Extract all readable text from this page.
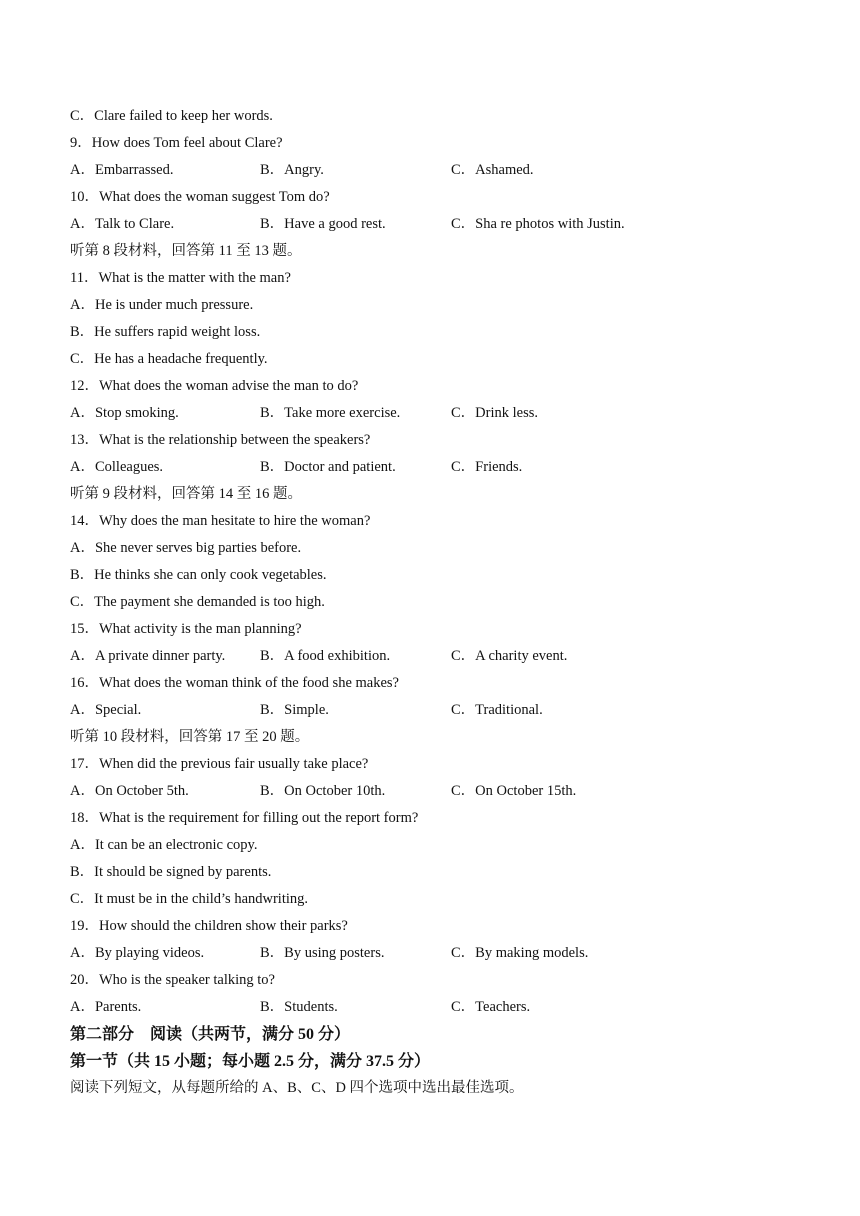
C．Clare failed to keep her words.
9．How does Tom feel about Clare?
A．Embarrassed.	B．Angry.	C．Ashamed.
10．What does the woman suggest Tom do?
A．Talk to Clare.	B．Have a good rest.	C．Sha re photos with Justin.
听第 8 段材料，回答第 11 至 13 题。
11．What is the matter with the man?
A．He is under much pressure.
B．He suffers rapid weight loss.
C．He has a headache frequently.
12．What does the woman advise the man to do?
A．Stop smoking.	B．Take more exercise.	C．Drink less.
13．What is the relationship between the speakers?
A．Colleagues.	B．Doctor and patient.	C．Friends.
听第 9 段材料，回答第 14 至 16 题。
14．Why does the man hesitate to hire the woman?
A．She never serves big parties before.
B．He thinks she can only cook vegetables.
C．The payment she demanded is too high.
15．What activity is the man planning?
A．A private dinner party. B．A food exhibition.	C．A charity event.
16．What does the woman think of the food she makes?
A．Special.	B．Simple.	C．Traditional.
听第 10 段材料，回答第 17 至 20 题。
17．When did the previous fair usually take place?
A．On October 5th.	B．On October 10th.	C．On October 15th.
18．What is the requirement for filling out the report form?
A．It can be an electronic copy.
B．It should be signed by parents.
C．It must be in the child’s handwriting.
19．How should the children show their parks?
A．By playing videos.	B．By using posters.	C．By making models.
20．Who is the speaker talking to?
A．Parents.	B．Students.	C．Teachers.
第二部分　阅读（共两节，满分 50 分）
第一节（共 15 小题；每小题 2.5 分，满分 37.5 分）
阅读下列短文，从每题所给的 A、B、C、D 四个选项中选出最佳选项。
